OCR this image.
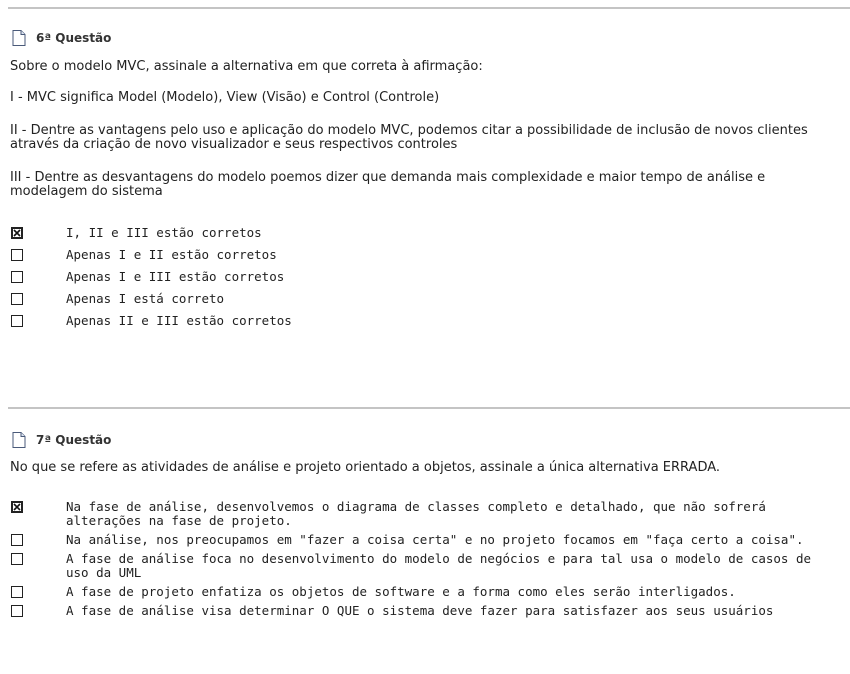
6ª Questão
Sobre o modelo MVC, assinale a alternativa em que correta à afirmação:
I - MVC significa Model (Modelo), View (Visão) e Control (Controle)
II - Dentre as vantagens pelo uso e aplicação do modelo MVC, podemos citar a possibilidade de inclusão de novos clientes através da criação de novo visualizador e seus respectivos controles
III - Dentre as desvantagens do modelo poemos dizer que demanda mais complexidade e maior tempo de análise e modelagem do sistema
I, II e III estão corretos
Apenas I e II estão corretos
Apenas I e III estão corretos
Apenas I está correto
Apenas II e III estão corretos
7ª Questão
No que se refere as atividades de análise e projeto orientado a objetos, assinale a única alternativa ERRADA.
Na fase de análise, desenvolvemos o diagrama de classes completo e detalhado, que não sofrerá alterações na fase de projeto.
Na análise, nos preocupamos em "fazer a coisa certa" e no projeto focamos em "faça certo a coisa".
A fase de análise foca no desenvolvimento do modelo de negócios e para tal usa o modelo de casos de uso da UML
A fase de projeto enfatiza os objetos de software e a forma como eles serão interligados.
A fase de análise visa determinar O QUE o sistema deve fazer para satisfazer aos seus usuários
